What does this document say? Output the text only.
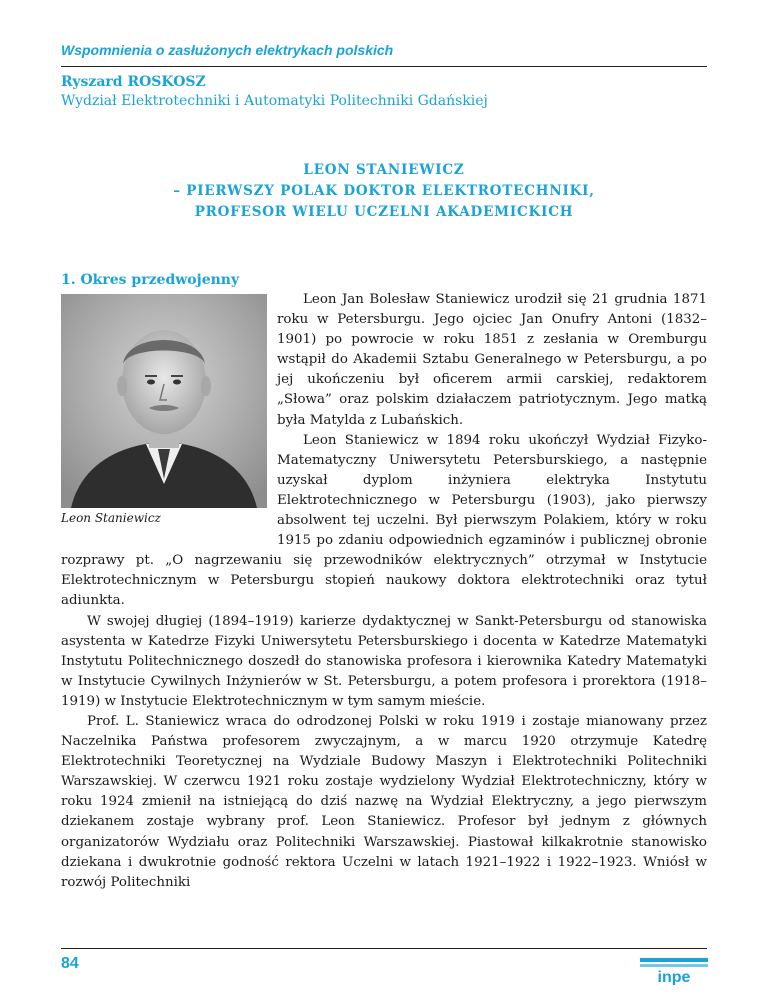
Wspomnienia o zasłużonych elektrykach polskich
Ryszard ROSKOSZ
Wydział Elektrotechniki i Automatyki Politechniki Gdańskiej
LEON STANIEWICZ
– PIERWSZY POLAK DOKTOR ELEKTROTECHNIKI,
PROFESOR WIELU UCZELNI AKADEMICKICH
1. Okres przedwojenny

Leon Jan Bolesław Staniewicz urodził się 21 grudnia 1871 roku w Petersburgu. Jego ojciec Jan Onufry Antoni (1832–1901) po powrocie w roku 1851 z zesłania w Oremburgu wstąpił do Akademii Sztabu Generalnego w Petersburgu, a po jej ukończeniu był oficerem armii carskiej, redaktorem „Słowa” oraz polskim działaczem patriotycznym. Jego matką była Matylda z Lubańskich.

Leon Staniewicz w 1894 roku ukończył Wydział Fizyko-Matematyczny Uniwersytetu Petersburskiego, a następnie uzyskał dyplom inżyniera elektryka Instytutu Elektrotechnicznego w Petersburgu (1903), jako pierwszy absolwent tej uczelni. Był pierwszym Polakiem, który w roku 1915 po zdaniu odpowiednich egzaminów i publicznej obronie rozprawy pt. „O nagrzewaniu się przewodników elektrycznych” otrzymał w Instytucie Elektrotechnicznym w Petersburgu stopień naukowy doktora elektrotechniki oraz tytuł adiunkta.

W swojej długiej (1894–1919) karierze dydaktycznej w Sankt-Petersburgu od stanowiska asystenta w Katedrze Fizyki Uniwersytetu Petersburskiego i docenta w Katedrze Matematyki Instytutu Politechnicznego doszedł do stanowiska profesora i kierownika Katedry Matematyki w Instytucie Cywilnych Inżynierów w St. Petersburgu, a potem profesora i prorektora (1918–1919) w Instytucie Elektrotechnicznym w tym samym mieście.

Prof. L. Staniewicz wraca do odrodzonej Polski w roku 1919 i zostaje mianowany przez Naczelnika Państwa profesorem zwyczajnym, a w marcu 1920 otrzymuje Katedrę Elektrotechniki Teoretycznej na Wydziale Budowy Maszyn i Elektrotechniki Politechniki Warszawskiej. W czerwcu 1921 roku zostaje wydzielony Wydział Elektrotechniczny, który w roku 1924 zmienił na istniejącą do dziś nazwę na Wydział Elektryczny, a jego pierwszym dziekanem zostaje wybrany prof. Leon Staniewicz. Profesor był jednym z głównych organizatorów Wydziału oraz Politechniki Warszawskiej. Piastował kilkakrotnie stanowisko dziekana i dwukrotnie godność rektora Uczelni w latach 1921–1922 i 1922–1923. Wniósł w rozwój Politechniki

Leon Staniewicz
84
inpe
